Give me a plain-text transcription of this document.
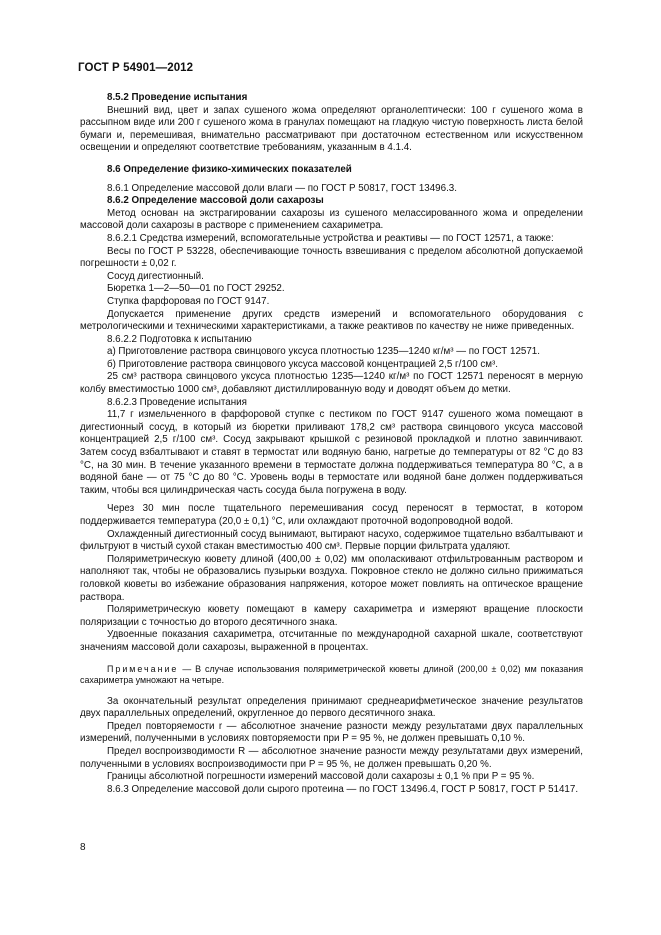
ГОСТ Р 54901—2012

8.5.2 Проведение испытания

Внешний вид, цвет и запах сушеного жома определяют органолептически: 100 г сушеного жома в рассыпном виде или 200 г сушеного жома в гранулах помещают на гладкую чистую поверхность листа белой бумаги и, перемешивая, внимательно рассматривают при достаточном естественном или искусственном освещении и определяют соответствие требованиям, указанным в 4.1.4.

8.6 Определение физико-химических показателей

8.6.1 Определение массовой доли влаги — по ГОСТ Р 50817, ГОСТ 13496.3.

8.6.2 Определение массовой доли сахарозы

Метод основан на экстрагировании сахарозы из сушеного мелассированного жома и определении массовой доли сахарозы в растворе с применением сахариметра.

8.6.2.1 Средства измерений, вспомогательные устройства и реактивы — по ГОСТ 12571, а также:

Весы по ГОСТ Р 53228, обеспечивающие точность взвешивания с пределом абсолютной допускаемой погрешности ± 0,02 г.

Сосуд дигестионный.

Бюретка 1—2—50—01 по ГОСТ 29252.

Ступка фарфоровая по ГОСТ 9147.

Допускается применение других средств измерений и вспомогательного оборудования с метрологическими и техническими характеристиками, а также реактивов по качеству не ниже приведенных.

8.6.2.2 Подготовка к испытанию

а) Приготовление раствора свинцового уксуса плотностью 1235—1240 кг/м³ — по ГОСТ 12571.

б) Приготовление раствора свинцового уксуса массовой концентрацией 2,5 г/100 см³.

25 см³ раствора свинцового уксуса плотностью 1235—1240 кг/м³ по ГОСТ 12571 переносят в мерную колбу вместимостью 1000 см³, добавляют дистиллированную воду и доводят объем до метки.

8.6.2.3 Проведение испытания

11,7 г измельченного в фарфоровой ступке с пестиком по ГОСТ 9147 сушеного жома помещают в дигестионный сосуд, в который из бюретки приливают 178,2 см³ раствора свинцового уксуса массовой концентрацией 2,5 г/100 см³. Сосуд закрывают крышкой с резиновой прокладкой и плотно завинчивают. Затем сосуд взбалтывают и ставят в термостат или водяную баню, нагретые до температуры от 82 °С до 83 °С, на 30 мин. В течение указанного времени в термостате должна поддерживаться температура 80 °С, а в водяной бане — от 75 °С до 80 °С. Уровень воды в термостате или водяной бане должен поддерживаться таким, чтобы вся цилиндрическая часть сосуда была погружена в воду.

Через 30 мин после тщательного перемешивания сосуд переносят в термостат, в котором поддерживается температура (20,0 ± 0,1) °С, или охлаждают проточной водопроводной водой.

Охлажденный дигестионный сосуд вынимают, вытирают насухо, содержимое тщательно взбалтывают и фильтруют в чистый сухой стакан вместимостью 400 см³. Первые порции фильтрата удаляют.

Поляриметрическую кювету длиной (400,00 ± 0,02) мм ополаскивают отфильтрованным раствором и наполняют так, чтобы не образовались пузырьки воздуха. Покровное стекло не должно сильно прижиматься головкой кюветы во избежание образования напряжения, которое может повлиять на оптическое вращение раствора.

Поляриметрическую кювету помещают в камеру сахариметра и измеряют вращение плоскости поляризации с точностью до второго десятичного знака.

Удвоенные показания сахариметра, отсчитанные по международной сахарной шкале, соответствуют значениям массовой доли сахарозы, выраженной в процентах.

Примечание — В случае использования поляриметрической кюветы длиной (200,00 ± 0,02) мм показания сахариметра умножают на четыре.

За окончательный результат определения принимают среднеарифметическое значение результатов двух параллельных определений, округленное до первого десятичного знака.

Предел повторяемости r — абсолютное значение разности между результатами двух параллельных измерений, полученными в условиях повторяемости при P = 95 %, не должен превышать 0,10 %.

Предел воспроизводимости R — абсолютное значение разности между результатами двух измерений, полученными в условиях воспроизводимости при P = 95 %, не должен превышать 0,20 %.

Границы абсолютной погрешности измерений массовой доли сахарозы ± 0,1 % при P = 95 %.

8.6.3 Определение массовой доли сырого протеина — по ГОСТ 13496.4, ГОСТ Р 50817, ГОСТ Р 51417.

8
